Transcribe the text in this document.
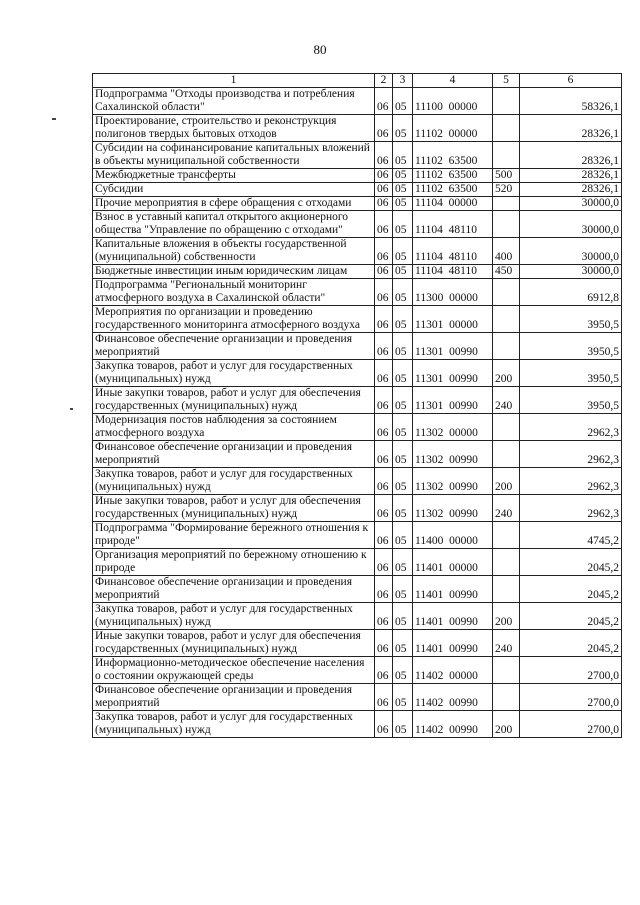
80
1	2	3	4	5	6
Подпрограмма "Отходы производства и потребления Сахалинской области"	06	05	11100  00000		58326,1
Проектирование, строительство и реконструкция полигонов твердых бытовых отходов	06	05	11102  00000		28326,1
Субсидии на софинансирование капитальных вложений в объекты муниципальной собственности	06	05	11102  63500		28326,1
Межбюджетные трансферты	06	05	11102  63500	500	28326,1
Субсидии	06	05	11102  63500	520	28326,1
Прочие мероприятия в сфере обращения с отходами	06	05	11104  00000		30000,0
Взнос в уставный капитал открытого акционерного общества "Управление по обращению с отходами"	06	05	11104  48110		30000,0
Капитальные вложения в объекты государственной (муниципальной) собственности	06	05	11104  48110	400	30000,0
Бюджетные инвестиции иным юридическим лицам	06	05	11104  48110	450	30000,0
Подпрограмма "Региональный мониторинг атмосферного воздуха в Сахалинской области"	06	05	11300  00000		6912,8
Мероприятия по организации и проведению государственного мониторинга атмосферного воздуха	06	05	11301  00000		3950,5
Финансовое обеспечение организации и проведения мероприятий	06	05	11301  00990		3950,5
Закупка товаров, работ и услуг для государственных (муниципальных) нужд	06	05	11301  00990	200	3950,5
Иные закупки товаров, работ и услуг для обеспечения государственных (муниципальных) нужд	06	05	11301  00990	240	3950,5
Модернизация постов наблюдения за состоянием атмосферного воздуха	06	05	11302  00000		2962,3
Финансовое обеспечение организации и проведения мероприятий	06	05	11302  00990		2962,3
Закупка товаров, работ и услуг для государственных (муниципальных) нужд	06	05	11302  00990	200	2962,3
Иные закупки товаров, работ и услуг для обеспечения государственных (муниципальных) нужд	06	05	11302  00990	240	2962,3
Подпрограмма "Формирование бережного отношения к природе"	06	05	11400  00000		4745,2
Организация мероприятий по бережному отношению к природе	06	05	11401  00000		2045,2
Финансовое обеспечение организации и проведения мероприятий	06	05	11401  00990		2045,2
Закупка товаров, работ и услуг для государственных (муниципальных) нужд	06	05	11401  00990	200	2045,2
Иные закупки товаров, работ и услуг для обеспечения государственных (муниципальных) нужд	06	05	11401  00990	240	2045,2
Информационно-методическое обеспечение населения о состоянии окружающей среды	06	05	11402  00000		2700,0
Финансовое обеспечение организации и проведения мероприятий	06	05	11402  00990		2700,0
Закупка товаров, работ и услуг для государственных (муниципальных) нужд	06	05	11402  00990	200	2700,0
